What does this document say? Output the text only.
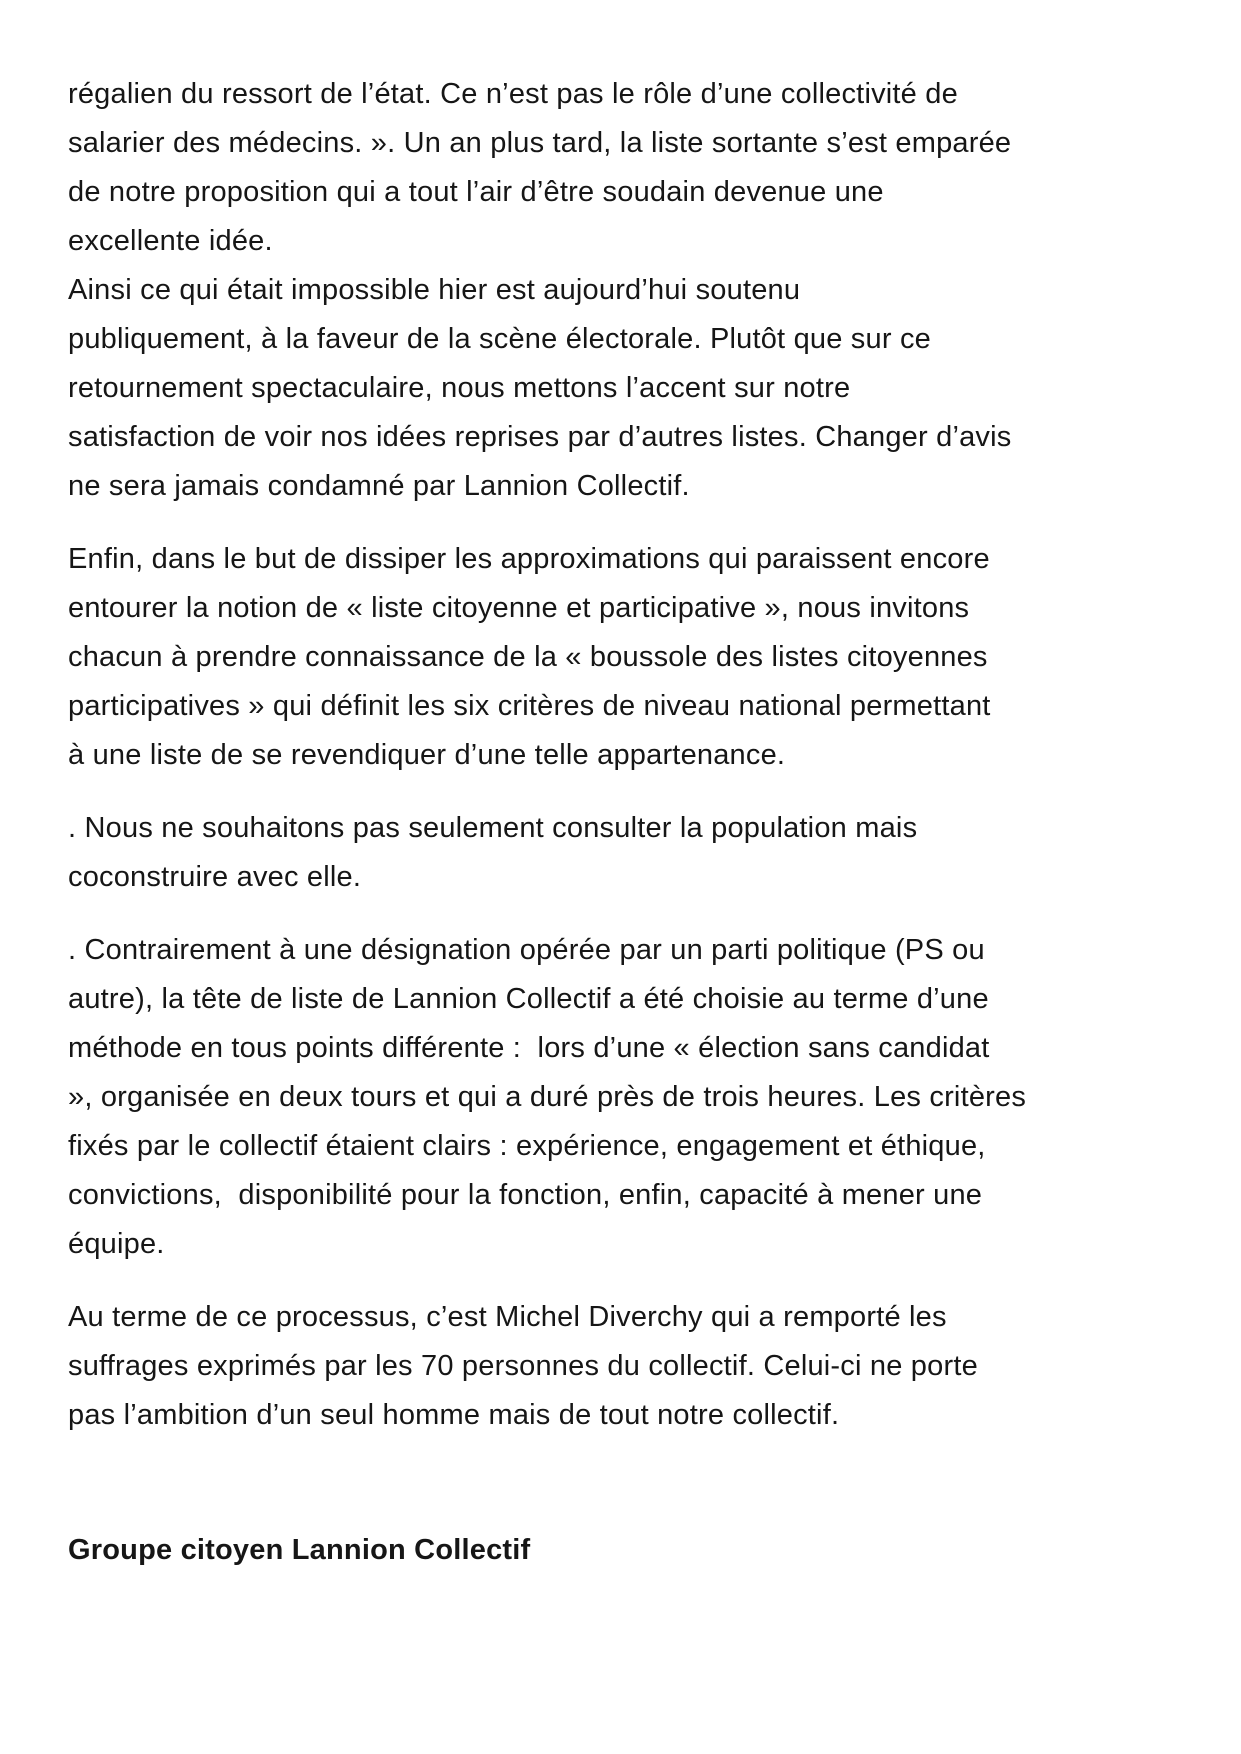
régalien du ressort de l’état. Ce n’est pas le rôle d’une collectivité de
salarier des médecins. ». Un an plus tard, la liste sortante s’est emparée
de notre proposition qui a tout l’air d’être soudain devenue une
excellente idée.
Ainsi ce qui était impossible hier est aujourd’hui soutenu
publiquement, à la faveur de la scène électorale. Plutôt que sur ce
retournement spectaculaire, nous mettons l’accent sur notre
satisfaction de voir nos idées reprises par d’autres listes. Changer d’avis
ne sera jamais condamné par Lannion Collectif.

Enfin, dans le but de dissiper les approximations qui paraissent encore
entourer la notion de « liste citoyenne et participative », nous invitons
chacun à prendre connaissance de la « boussole des listes citoyennes
participatives » qui définit les six critères de niveau national permettant
à une liste de se revendiquer d’une telle appartenance.

. Nous ne souhaitons pas seulement consulter la population mais
coconstruire avec elle.

. Contrairement à une désignation opérée par un parti politique (PS ou
autre), la tête de liste de Lannion Collectif a été choisie au terme d’une
méthode en tous points différente :  lors d’une « élection sans candidat
», organisée en deux tours et qui a duré près de trois heures. Les critères
fixés par le collectif étaient clairs : expérience, engagement et éthique,
convictions,  disponibilité pour la fonction, enfin, capacité à mener une
équipe.

Au terme de ce processus, c’est Michel Diverchy qui a remporté les
suffrages exprimés par les 70 personnes du collectif. Celui-ci ne porte
pas l’ambition d’un seul homme mais de tout notre collectif.

Groupe citoyen Lannion Collectif
